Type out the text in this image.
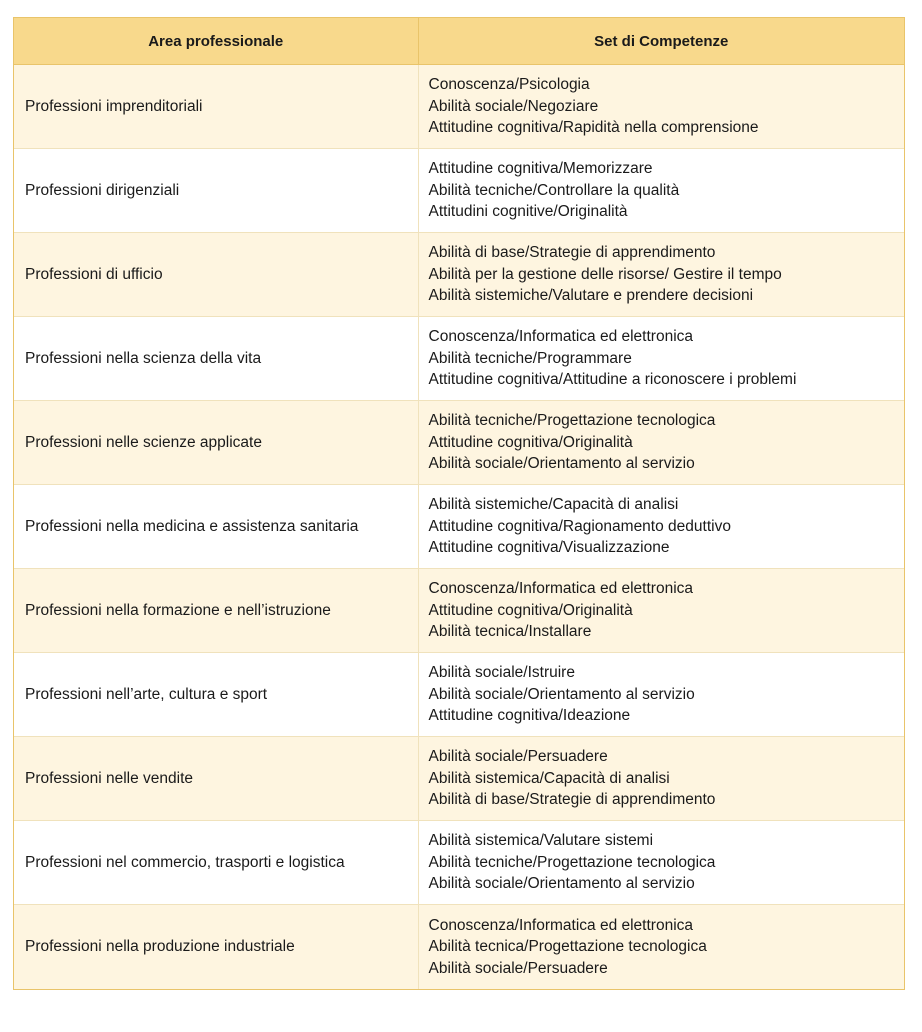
Area professionale	Set di Competenze
Professioni imprenditoriali	Conoscenza/Psicologia
Abilità sociale/Negoziare
Attitudine cognitiva/Rapidità nella comprensione

Professioni dirigenziali	Attitudine cognitiva/Memorizzare
Abilità tecniche/Controllare la qualità
Attitudini cognitive/Originalità

Professioni di ufficio	Abilità di base/Strategie di apprendimento
Abilità per la gestione delle risorse/ Gestire il tempo
Abilità sistemiche/Valutare e prendere decisioni

Professioni nella scienza della vita	Conoscenza/Informatica ed elettronica
Abilità tecniche/Programmare
Attitudine cognitiva/Attitudine a riconoscere i problemi

Professioni nelle scienze applicate	Abilità tecniche/Progettazione tecnologica
Attitudine cognitiva/Originalità
Abilità sociale/Orientamento al servizio

Professioni nella medicina e assistenza sanitaria	Abilità sistemiche/Capacità di analisi
Attitudine cognitiva/Ragionamento deduttivo
Attitudine cognitiva/Visualizzazione

Professioni nella formazione e nell’istruzione	Conoscenza/Informatica ed elettronica
Attitudine cognitiva/Originalità
Abilità tecnica/Installare

Professioni nell’arte, cultura e sport	Abilità sociale/Istruire
Abilità sociale/Orientamento al servizio
Attitudine cognitiva/Ideazione

Professioni nelle vendite	Abilità sociale/Persuadere
Abilità sistemica/Capacità di analisi
Abilità di base/Strategie di apprendimento

Professioni nel commercio, trasporti e logistica	Abilità sistemica/Valutare sistemi
Abilità tecniche/Progettazione tecnologica
Abilità sociale/Orientamento al servizio

Professioni nella produzione industriale	Conoscenza/Informatica ed elettronica
Abilità tecnica/Progettazione tecnologica
Abilità sociale/Persuadere
